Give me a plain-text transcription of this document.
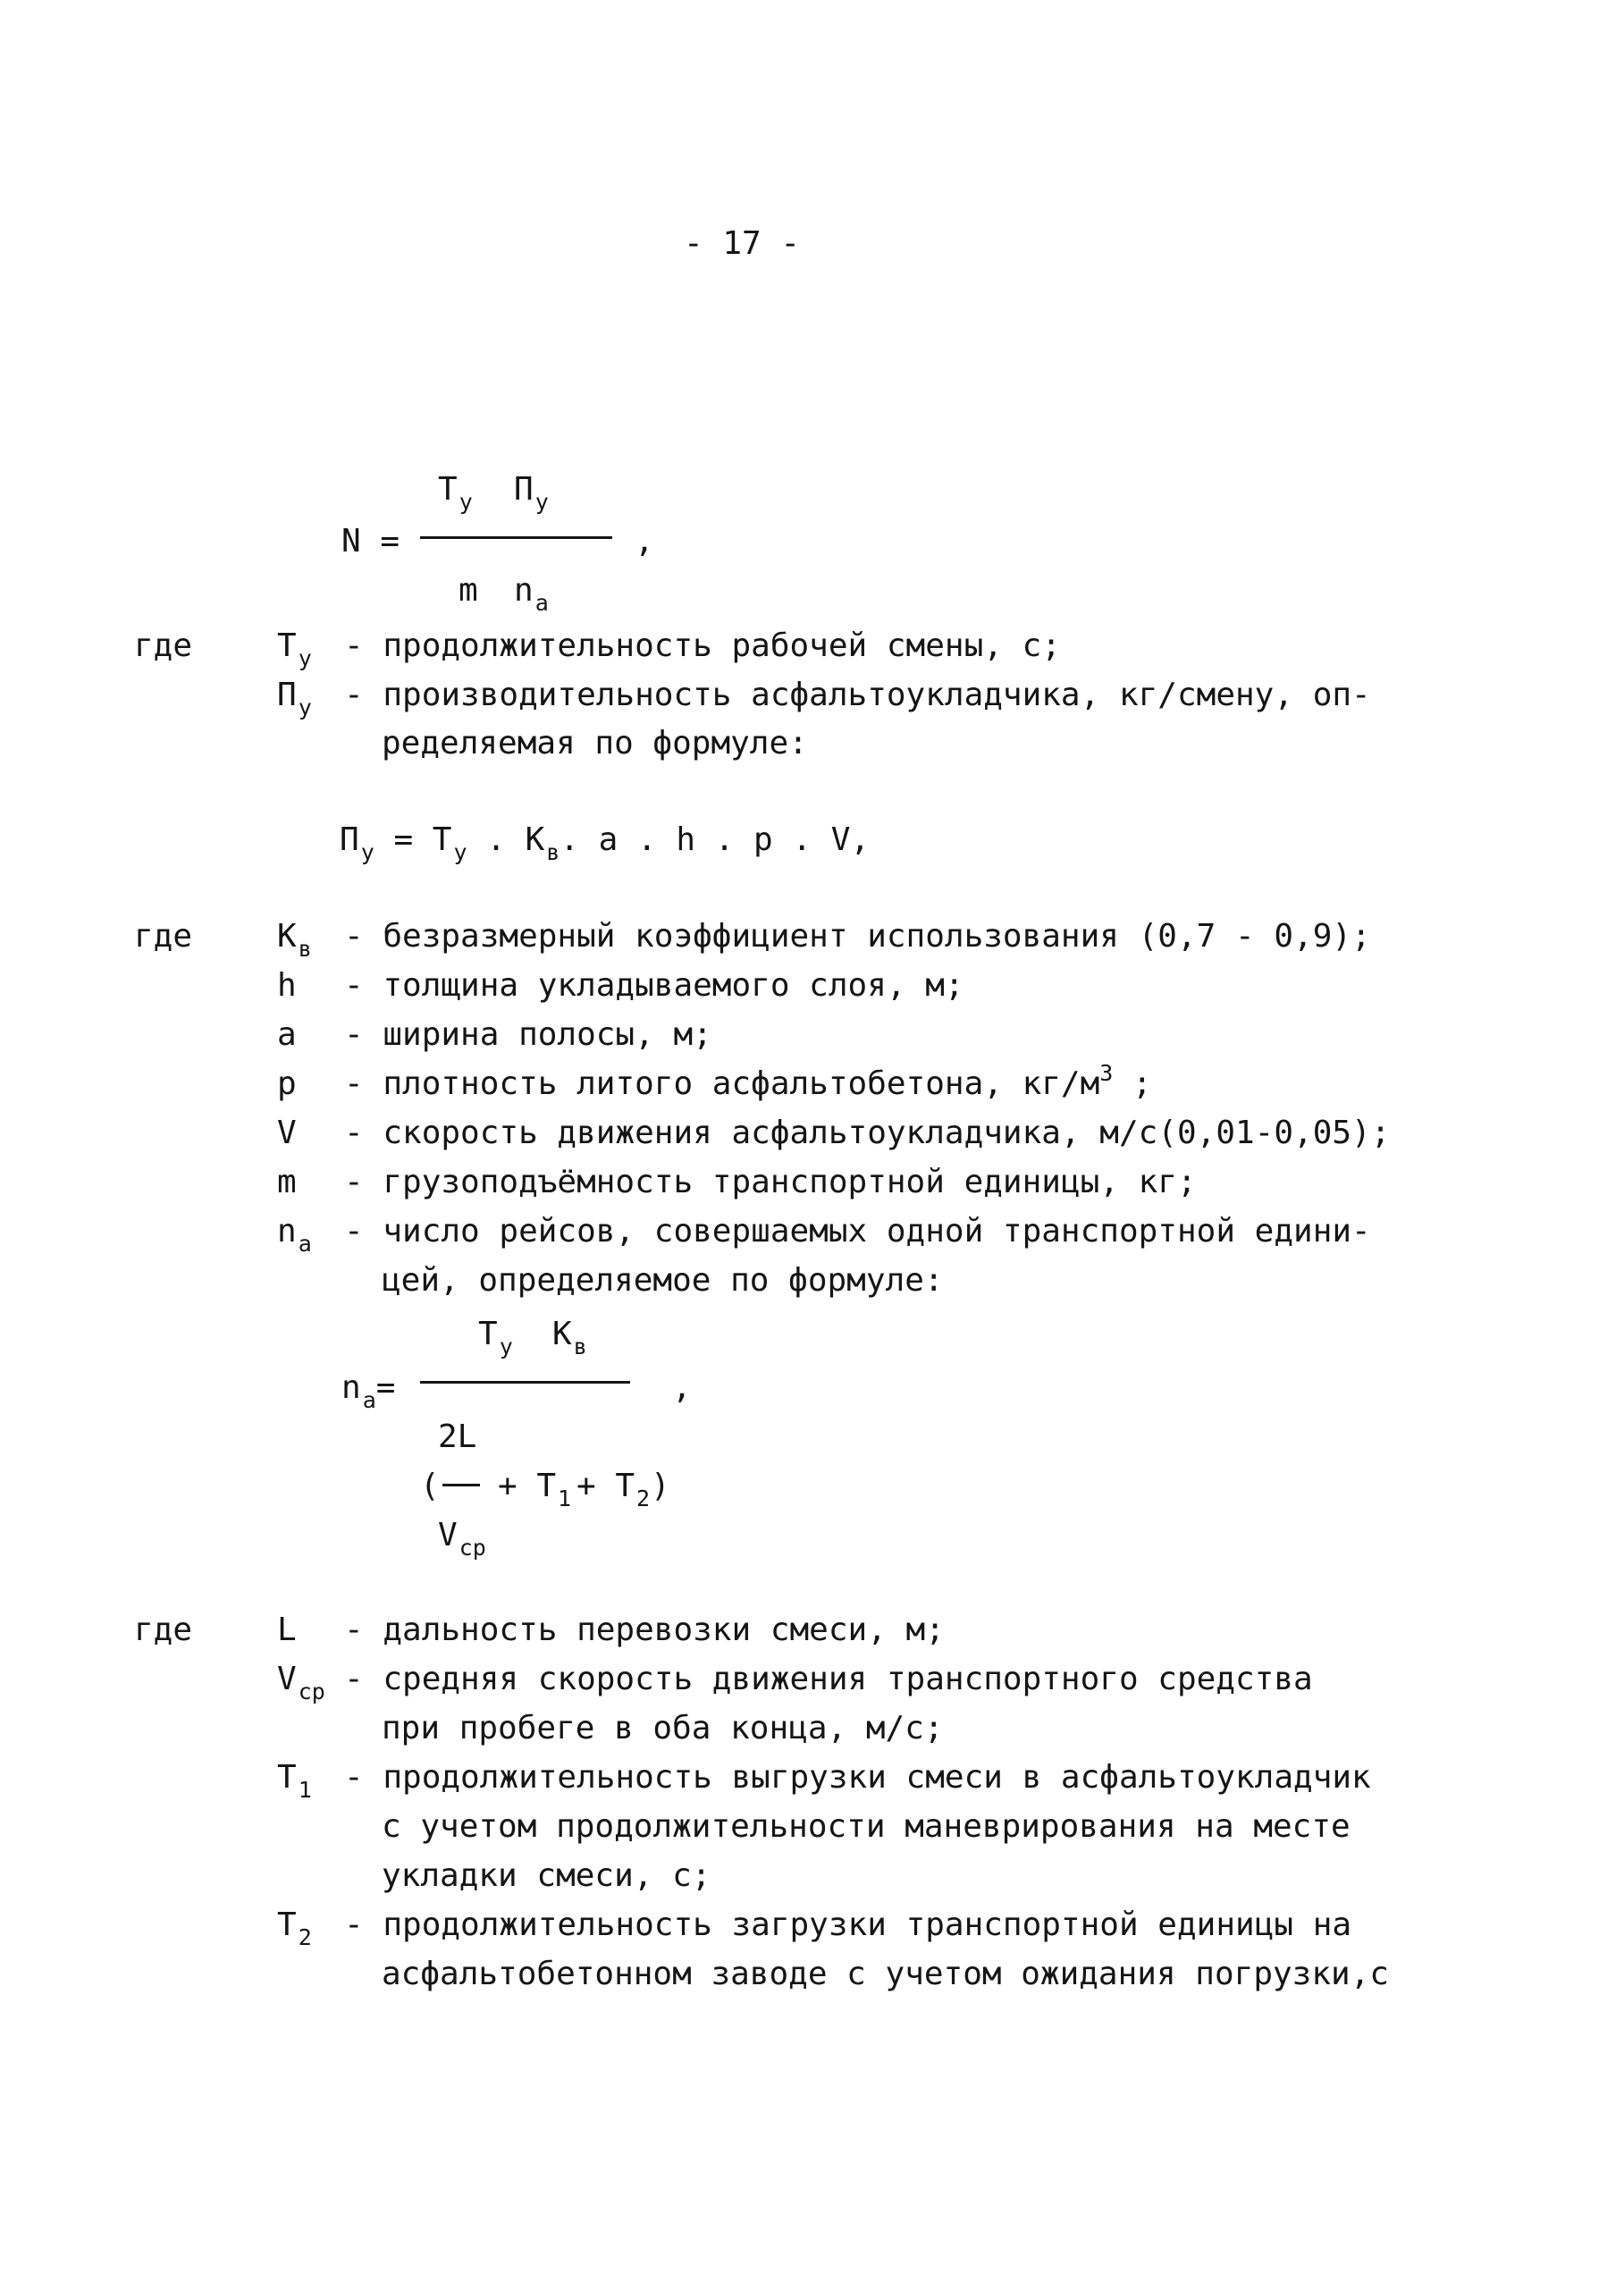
- 17 -
$T_у$ $П_у$
N =	,
m $n_a$
где	$T_у$ - продолжительность рабочей смены, с;
$П_у$ - производительность асфальтоукладчика, кг/смену, оп-
ределяемая по формуле:
$П_у = T_у$ . $K_в$. a . h . p . V,
где	$K_в$ - безразмерный коэффициент использования (0,7 - 0,9);
h - толщина укладываемого слоя, м;
a - ширина полосы, м;
p - плотность литого асфальтобетона, $кг/м^3$ ;
V - скорость движения асфальтоукладчика, м/с(0,01-0,05);
m - грузоподъёмность транспортной единицы, кг;
$n_a$ - число рейсов, совершаемых одной транспортной едини-
цей, определяемое по формуле:
$T_у$ $K_в$
$n_a=$	,
2L
( + $T_1 + T_2$ )
$V_{ср}$
где	L - дальность перевозки смеси, м;
$V_{ср}$ - средняя скорость движения транспортного средства
при пробеге в оба конца, м/с;
$T_1$ - продолжительность выгрузки смеси в асфальтоукладчик
с учетом продолжительности маневрирования на месте
укладки смеси, с;
$T_2$ - продолжительность загрузки транспортной единицы на
асфальтобетонном заводе с учетом ожидания погрузки,с
